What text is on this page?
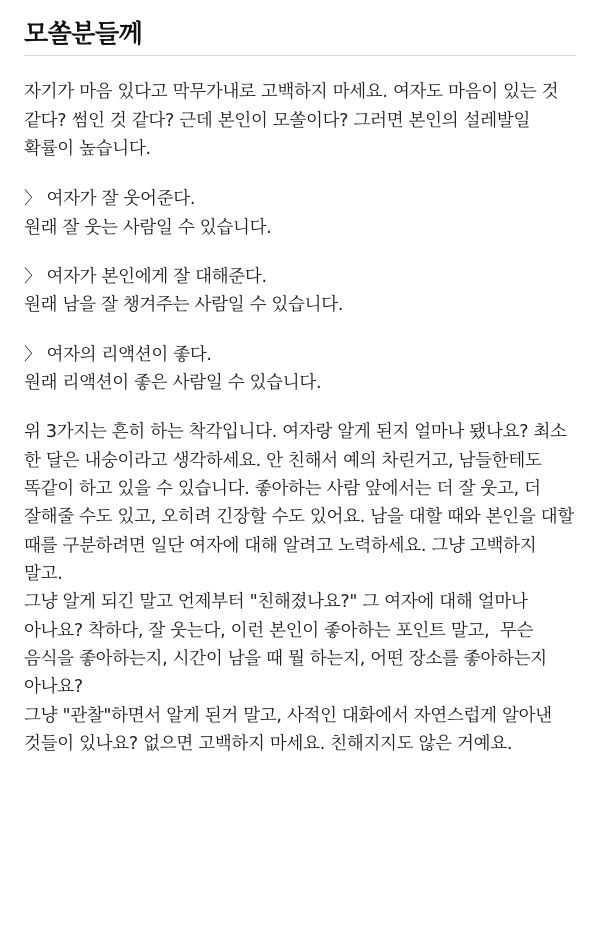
모쏠분들께

자기가 마음 있다고 막무가내로 고백하지 마세요. 여자도 마음이 있는 것 같다? 썸인 것 같다? 근데 본인이 모쏠이다? 그러면 본인의 설레발일 확률이 높습니다.

〉 여자가 잘 웃어준다.

원래 잘 웃는 사람일 수 있습니다.

〉 여자가 본인에게 잘 대해준다.

원래 남을 잘 챙겨주는 사람일 수 있습니다.

〉 여자의 리액션이 좋다.

원래 리액션이 좋은 사람일 수 있습니다.

위 3가지는 흔히 하는 착각입니다. 여자랑 알게 된지 얼마나 됐나요? 최소 한 달은 내숭이라고 생각하세요. 안 친해서 예의 차린거고, 남들한테도 똑같이 하고 있을 수 있습니다. 좋아하는 사람 앞에서는 더 잘 웃고, 더 잘해줄 수도 있고, 오히려 긴장할 수도 있어요. 남을 대할 때와 본인을 대할 때를 구분하려면 일단 여자에 대해 알려고 노력하세요. 그냥 고백하지 말고.

그냥 알게 되긴 말고 언제부터 "친해졌나요?" 그 여자에 대해 얼마나 아나요? 착하다, 잘 웃는다, 이런 본인이 좋아하는 포인트 말고,  무슨 음식을 좋아하는지, 시간이 남을 때 뭘 하는지, 어떤 장소를 좋아하는지 아나요?

그냥 "관찰"하면서 알게 된거 말고, 사적인 대화에서 자연스럽게 알아낸 것들이 있나요? 없으면 고백하지 마세요. 친해지지도 않은 거예요.
